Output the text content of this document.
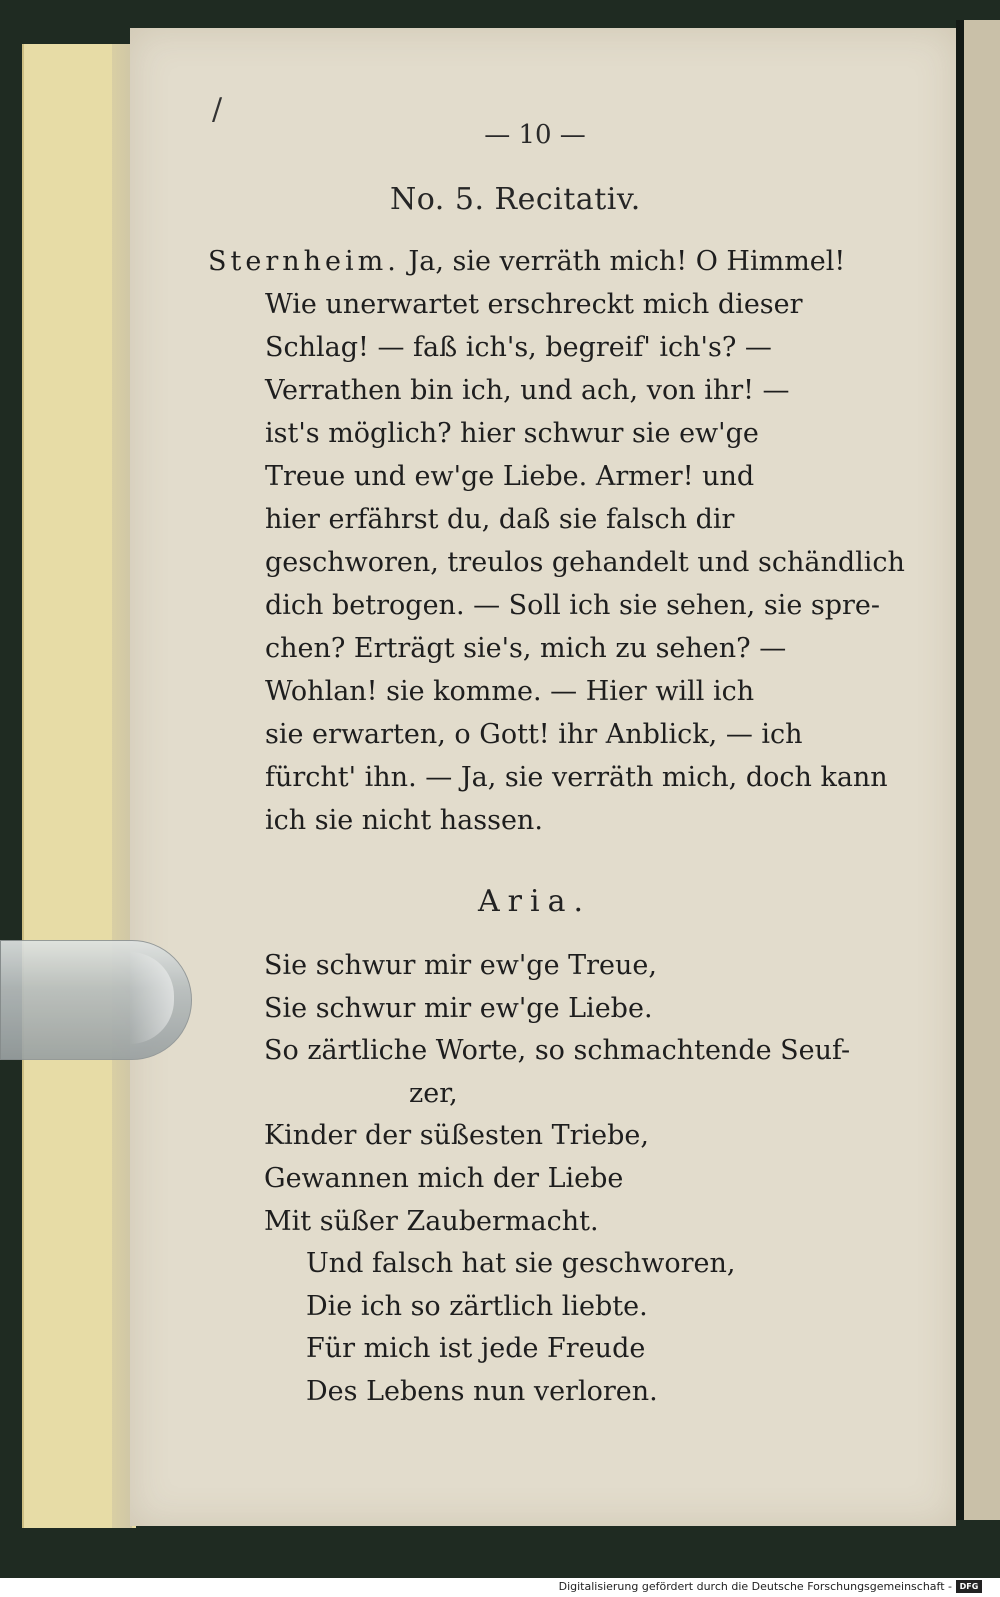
/
— 10 —
No. 5. Recitativ.
Sternheim. Ja, sie verräth mich! O Himmel!
Wie unerwartet erschreckt mich dieser
Schlag! — faß ich's, begreif' ich's? —
Verrathen bin ich, und ach, von ihr! —
ist's möglich? hier schwur sie ew'ge
Treue und ew'ge Liebe. Armer! und
hier erfährst du, daß sie falsch dir
geschworen, treulos gehandelt und schändlich
dich betrogen. — Soll ich sie sehen, sie spre-
chen? Erträgt sie's, mich zu sehen? —
Wohlan! sie komme. — Hier will ich
sie erwarten, o Gott! ihr Anblick, — ich
fürcht' ihn. — Ja, sie verräth mich, doch kann
ich sie nicht hassen.
Aria.
Sie schwur mir ew'ge Treue,
Sie schwur mir ew'ge Liebe.
So zärtliche Worte, so schmachtende Seuf-
zer,
Kinder der süßesten Triebe,
Gewannen mich der Liebe
Mit süßer Zaubermacht.
Und falsch hat sie geschworen,
Die ich so zärtlich liebte.
Für mich ist jede Freude
Des Lebens nun verloren.
Digitalisierung gefördert durch die Deutsche Forschungsgemeinschaft - DFG
